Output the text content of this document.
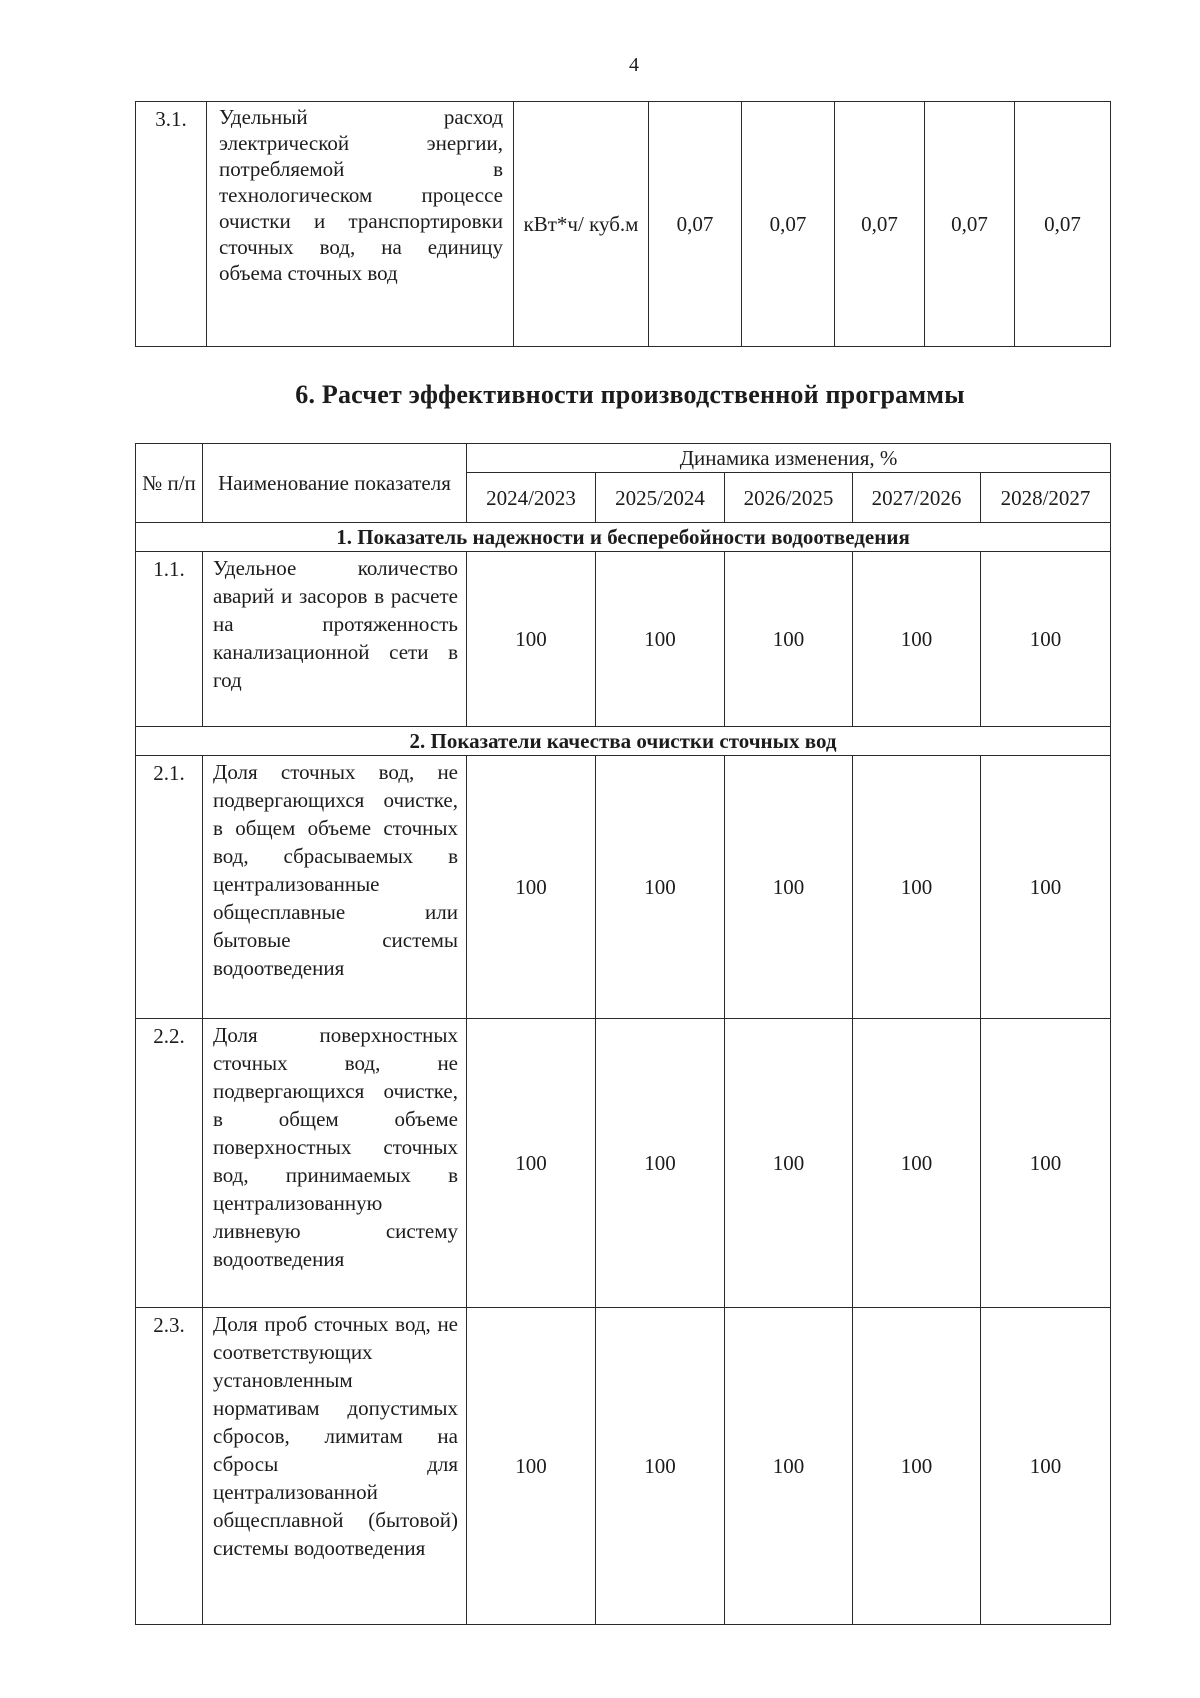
4
3.1.	Удельный расход электрической энергии, потребляемой в технологическом процессе очистки и транспортировки сточных вод, на единицу объема сточных вод	кВт*ч/ куб.м	0,07	0,07	0,07	0,07	0,07
6. Расчет эффективности производственной программы
№ п/п	Наименование показателя	Динамика изменения, %				
		2024/2023	2025/2024	2026/2025	2027/2026	2028/2027
1. Показатель надежности и бесперебойности водоотведения						
1.1.	Удельное количество аварий и засоров в расчете на протяженность канализационной сети в год	100	100	100	100	100
2. Показатели качества очистки сточных вод						
2.1.	Доля сточных вод, не подвергающихся очистке, в общем объеме сточных вод, сбрасываемых в централизованные общесплавные или бытовые системы водоотведения	100	100	100	100	100
2.2.	Доля поверхностных сточных вод, не подвергающихся очистке, в общем объеме поверхностных сточных вод, принимаемых в централизованную ливневую систему водоотведения	100	100	100	100	100
2.3.	Доля проб сточных вод, не соответствующих установленным нормативам допустимых сбросов, лимитам на сбросы для централизованной общесплавной (бытовой) системы водоотведения	100	100	100	100	100
